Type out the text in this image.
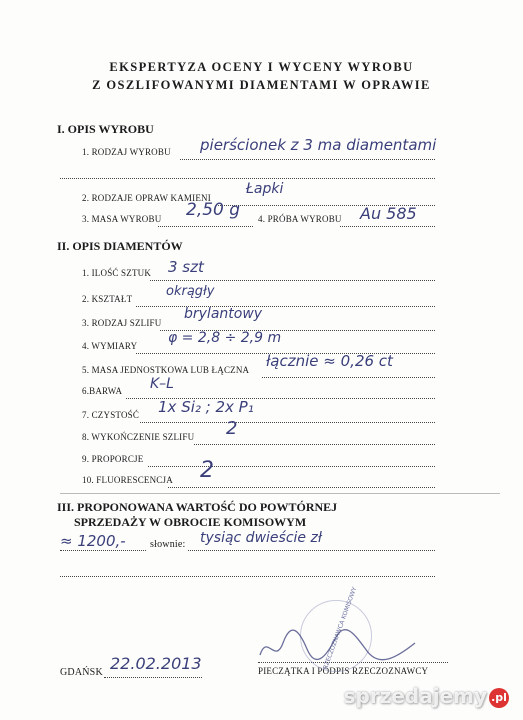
EKSPERTYZA OCENY I WYCENY WYROBU
Z OSZLIFOWANYMI DIAMENTAMI W OPRAWIE
I. OPIS WYROBU
1. RODZAJ WYROBU pierścionek z 3 ma diamentami
2. RODZAJE OPRAW KAMIENI
Łapki
3. MASA WYROBU 2,50 g 4. PRÓBA WYROBU Au 585
II. OPIS DIAMENTÓW
1. ILOŚĆ SZTUK 3 szt
2. KSZTAŁT	okrągły
3. RODZAJ SZLIFU
brylantowy
4. WYMIARY φ = 2,8 ÷ 2,9 m
5. MASA JEDNOSTKOWA LUB ŁĄCZNA łącznie ≈ 0,26 ct
6.BARWA K–L
7. CZYSTOŚĆ 1x Si₂ ; 2x P₁
8. WYKOŃCZENIE SZLIFU 2
9. PROPORCJE
10. FLUORESCENCJA 2
III. PROPONOWANA WARTOŚĆ DO POWTÓRNEJ
SPRZEDAŻY W OBROCIE KOMISOWYM
≈ 1200,- słownie: tysiąc dwieście zł
GDAŃSK 22.02.2013	PIECZĄTKA I PODPIS RZECZOZNAWCY
RZECZOZNAWCA KOMISOWY
sprzedajemy .pl
